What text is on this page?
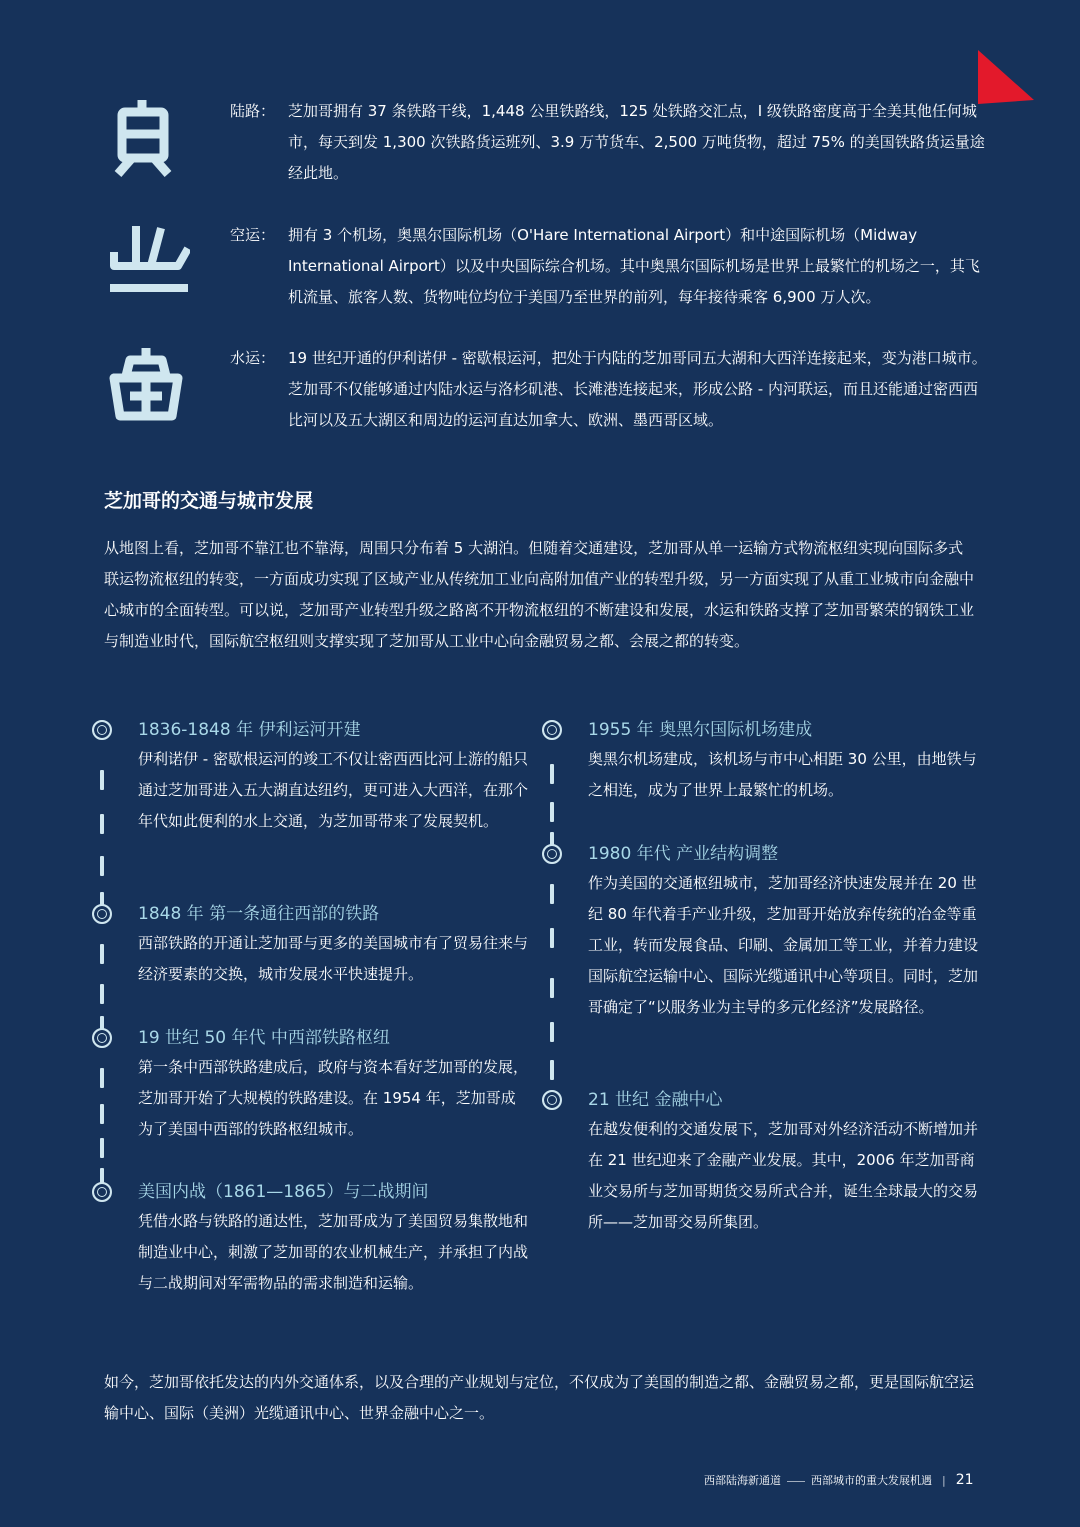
陆路： 芝加哥拥有 37 条铁路干线，1,448 公里铁路线，125 处铁路交汇点，I 级铁路密度高于全美其他任何城市，每天到发 1,300 次铁路货运班列、3.9 万节货车、2,500 万吨货物，超过 75% 的美国铁路货运量途经此地。
空运： 拥有 3 个机场，奥黑尔国际机场（O'Hare International Airport）和中途国际机场（Midway International Airport）以及中央国际综合机场。其中奥黑尔国际机场是世界上最繁忙的机场之一，其飞机流量、旅客人数、货物吨位均位于美国乃至世界的前列，每年接待乘客 6,900 万人次。
水运： 19 世纪开通的伊利诺伊 - 密歇根运河，把处于内陆的芝加哥同五大湖和大西洋连接起来，变为港口城市。芝加哥不仅能够通过内陆水运与洛杉矶港、长滩港连接起来，形成公路 - 内河联运，而且还能通过密西西比河以及五大湖区和周边的运河直达加拿大、欧洲、墨西哥区域。
芝加哥的交通与城市发展

从地图上看，芝加哥不靠江也不靠海，周围只分布着 5 大湖泊。但随着交通建设，芝加哥从单一运输方式物流枢纽实现向国际多式联运物流枢纽的转变，一方面成功实现了区域产业从传统加工业向高附加值产业的转型升级，另一方面实现了从重工业城市向金融中心城市的全面转型。可以说，芝加哥产业转型升级之路离不开物流枢纽的不断建设和发展，水运和铁路支撑了芝加哥繁荣的钢铁工业与制造业时代，国际航空枢纽则支撑实现了芝加哥从工业中心向金融贸易之都、会展之都的转变。

1836-1848 年 伊利运河开建
伊利诺伊 - 密歇根运河的竣工不仅让密西西比河上游的船只通过芝加哥进入五大湖直达纽约，更可进入大西洋，在那个年代如此便利的水上交通，为芝加哥带来了发展契机。
1848 年 第一条通往西部的铁路
西部铁路的开通让芝加哥与更多的美国城市有了贸易往来与经济要素的交换，城市发展水平快速提升。
19 世纪 50 年代 中西部铁路枢纽
第一条中西部铁路建成后，政府与资本看好芝加哥的发展，芝加哥开始了大规模的铁路建设。在 1954 年，芝加哥成为了美国中西部的铁路枢纽城市。
美国内战（1861—1865）与二战期间
凭借水路与铁路的通达性，芝加哥成为了美国贸易集散地和制造业中心，刺激了芝加哥的农业机械生产，并承担了内战与二战期间对军需物品的需求制造和运输。
1955 年 奥黑尔国际机场建成
奥黑尔机场建成，该机场与市中心相距 30 公里，由地铁与之相连，成为了世界上最繁忙的机场。
1980 年代 产业结构调整
作为美国的交通枢纽城市，芝加哥经济快速发展并在 20 世纪 80 年代着手产业升级，芝加哥开始放弃传统的冶金等重工业，转而发展食品、印刷、金属加工等工业，并着力建设国际航空运输中心、国际光缆通讯中心等项目。同时，芝加哥确定了“以服务业为主导的多元化经济”发展路径。
21 世纪 金融中心
在越发便利的交通发展下，芝加哥对外经济活动不断增加并在 21 世纪迎来了金融产业发展。其中，2006 年芝加哥商业交易所与芝加哥期货交易所式合并，诞生全球最大的交易所——芝加哥交易所集团。

如今，芝加哥依托发达的内外交通体系，以及合理的产业规划与定位，不仅成为了美国的制造之都、金融贸易之都，更是国际航空运输中心、国际（美洲）光缆通讯中心、世界金融中心之一。

西部陆海新通道	西部城市的重大发展机遇 | 21
